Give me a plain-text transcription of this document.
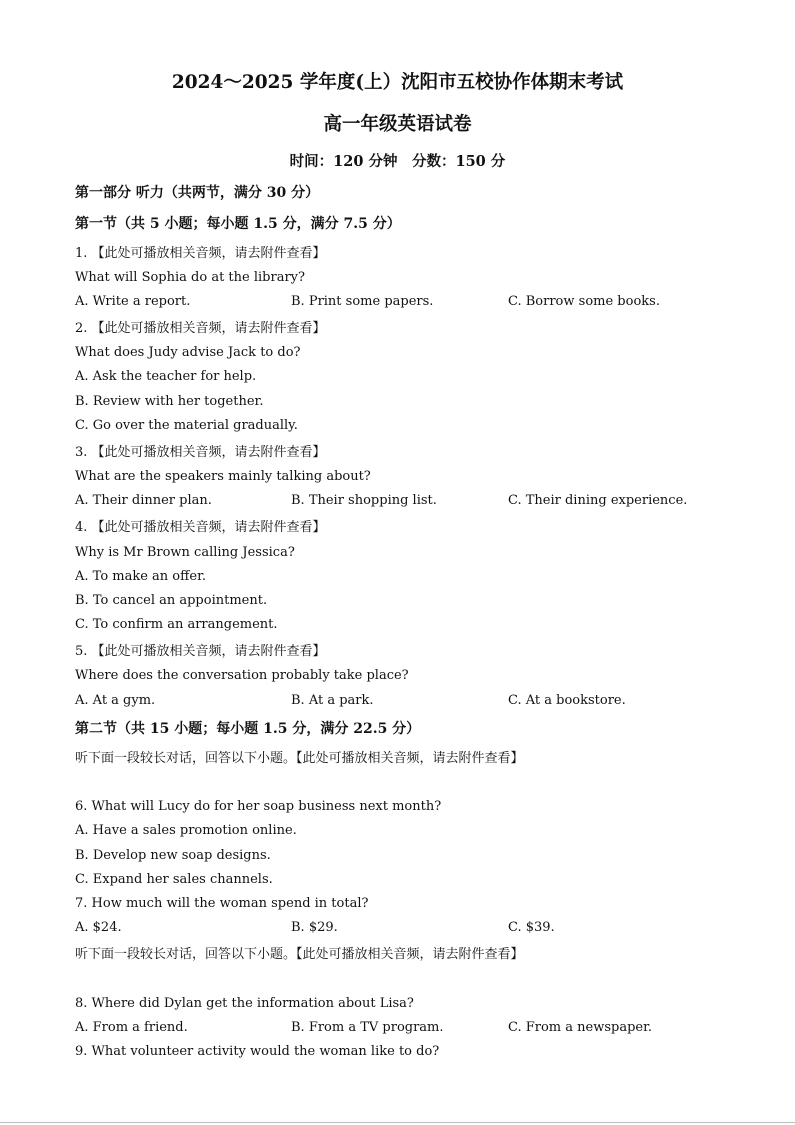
2024～2025 学年度(上）沈阳市五校协作体期末考试
高一年级英语试卷
时间：120 分钟　分数：150 分
第一部分 听力（共两节，满分 30 分）
第一节（共 5 小题；每小题 1.5 分，满分 7.5 分）
1. 【此处可播放相关音频，请去附件查看】
What will Sophia do at the library?
A. Write a report.	B. Print some papers.	C. Borrow some books.
2. 【此处可播放相关音频，请去附件查看】
What does Judy advise Jack to do?
A. Ask the teacher for help.
B. Review with her together.
C. Go over the material gradually.
3. 【此处可播放相关音频，请去附件查看】
What are the speakers mainly talking about?
A. Their dinner plan.	B. Their shopping list.	C. Their dining experience.
4. 【此处可播放相关音频，请去附件查看】
Why is Mr Brown calling Jessica?
A. To make an offer.
B. To cancel an appointment.
C. To confirm an arrangement.
5. 【此处可播放相关音频，请去附件查看】
Where does the conversation probably take place?
A. At a gym.	B. At a park.	C. At a bookstore.
第二节（共 15 小题；每小题 1.5 分，满分 22.5 分）
听下面一段较长对话，回答以下小题。【此处可播放相关音频，请去附件查看】
6. What will Lucy do for her soap business next month?
A. Have a sales promotion online.
B. Develop new soap designs.
C. Expand her sales channels.
7. How much will the woman spend in total?
A. $24.	B. $29.	C. $39.
听下面一段较长对话，回答以下小题。【此处可播放相关音频，请去附件查看】
8. Where did Dylan get the information about Lisa?
A. From a friend.	B. From a TV program.	C. From a newspaper.
9. What volunteer activity would the woman like to do?
